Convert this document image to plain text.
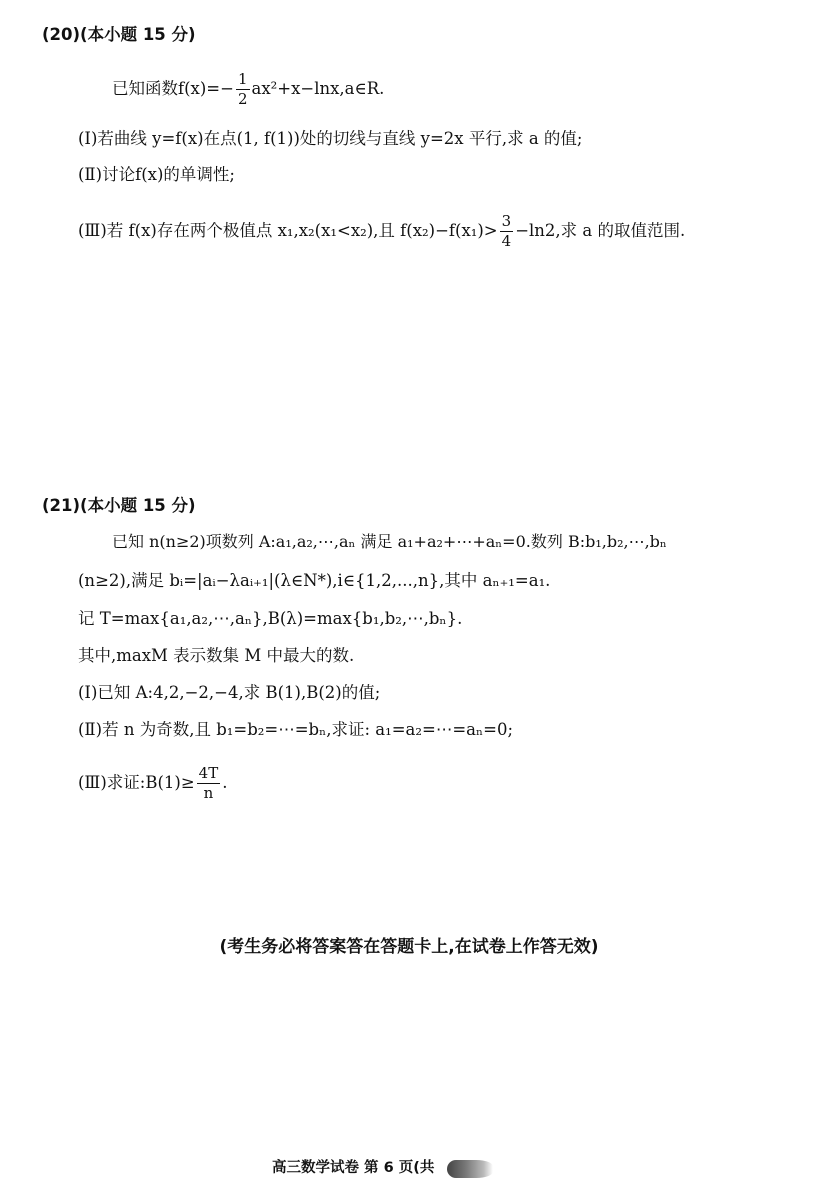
(20)(本小题 15 分)
已知函数$f(x)=- \frac{1}{2}$ ax²+x−lnx,a∈R.
(Ⅰ)若曲线 y=f(x)在点(1, f(1))处的切线与直线 y=2x 平行,求 a 的值;
(Ⅱ)讨论f(x)的单调性;
(Ⅲ)若 f(x)存在两个极值点 x₁,x₂(x₁<x₂),且 $f(x_2)-f(x_1)> \frac{3}{4} -\ln 2$,求 a 的取值范围.
(21)(本小题 15 分)
已知 n(n≥2)项数列 A:a₁,a₂,⋯,aₙ 满足 a₁+a₂+⋯+aₙ=0.数列 B:b₁,b₂,⋯,bₙ
(n≥2),满足 bᵢ=|aᵢ−λaᵢ₊₁|(λ∈N*),i∈{1,2,...,n},其中 aₙ₊₁=a₁.
记 T=max{a₁,a₂,⋯,aₙ},B(λ)=max{b₁,b₂,⋯,bₙ}.
其中,maxM 表示数集 M 中最大的数.
(Ⅰ)已知 A:4,2,−2,−4,求 B(1),B(2)的值;
(Ⅱ)若 n 为奇数,且 b₁=b₂=⋯=bₙ,求证: a₁=a₂=⋯=aₙ=0;
(Ⅲ)求证:B(1)≥ $\frac{4T}{n}$ .
(考生务必将答案答在答题卡上,在试卷上作答无效)
高三数学试卷 第 6 页(共
